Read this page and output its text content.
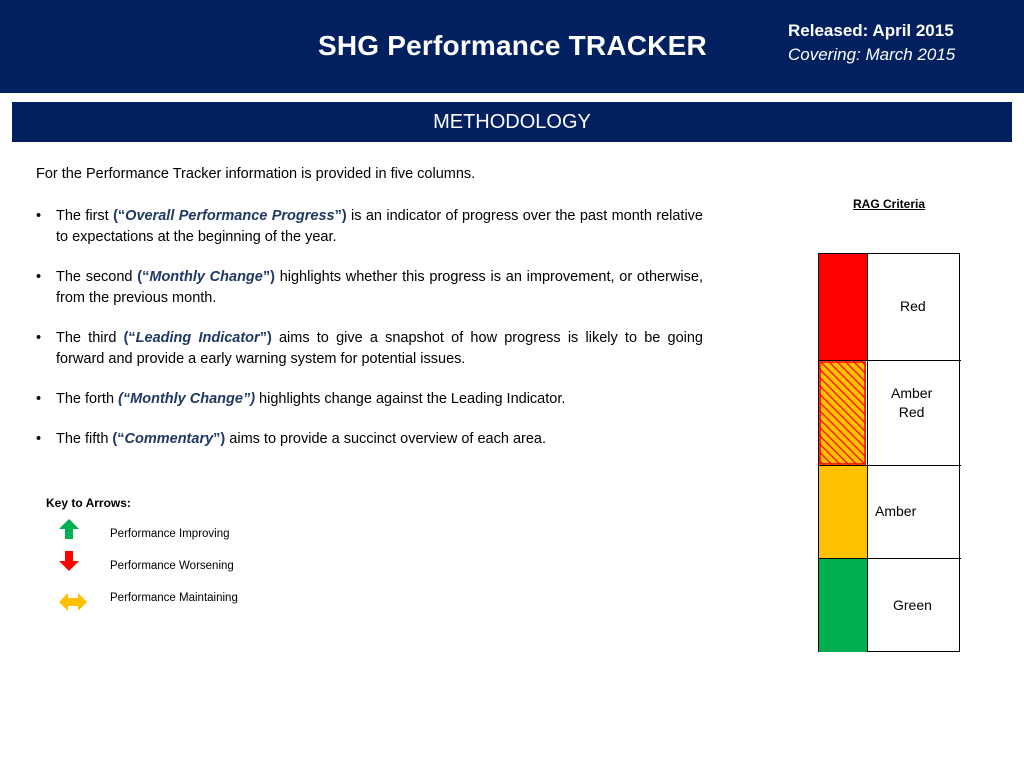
SHG Performance TRACKER	Released: April 2015
Covering: March 2015
METHODOLOGY
For the Performance Tracker information is provided in five columns.
• The first (“Overall Performance Progress”) is an indicator of progress over the past month relative to expectations at the beginning of the year.
• The second (“Monthly Change”) highlights whether this progress is an improvement, or otherwise, from the previous month.
• The third (“Leading Indicator”) aims to give a snapshot of how progress is likely to be going forward and provide a early warning system for potential issues.
• The forth (“Monthly Change”) highlights change against the Leading Indicator.
• The fifth (“Commentary”) aims to provide a succinct overview of each area.
Key to Arrows:
Performance Improving
Performance Worsening
Performance Maintaining
RAG Criteria
Red
Amber
Red
Amber
Green
